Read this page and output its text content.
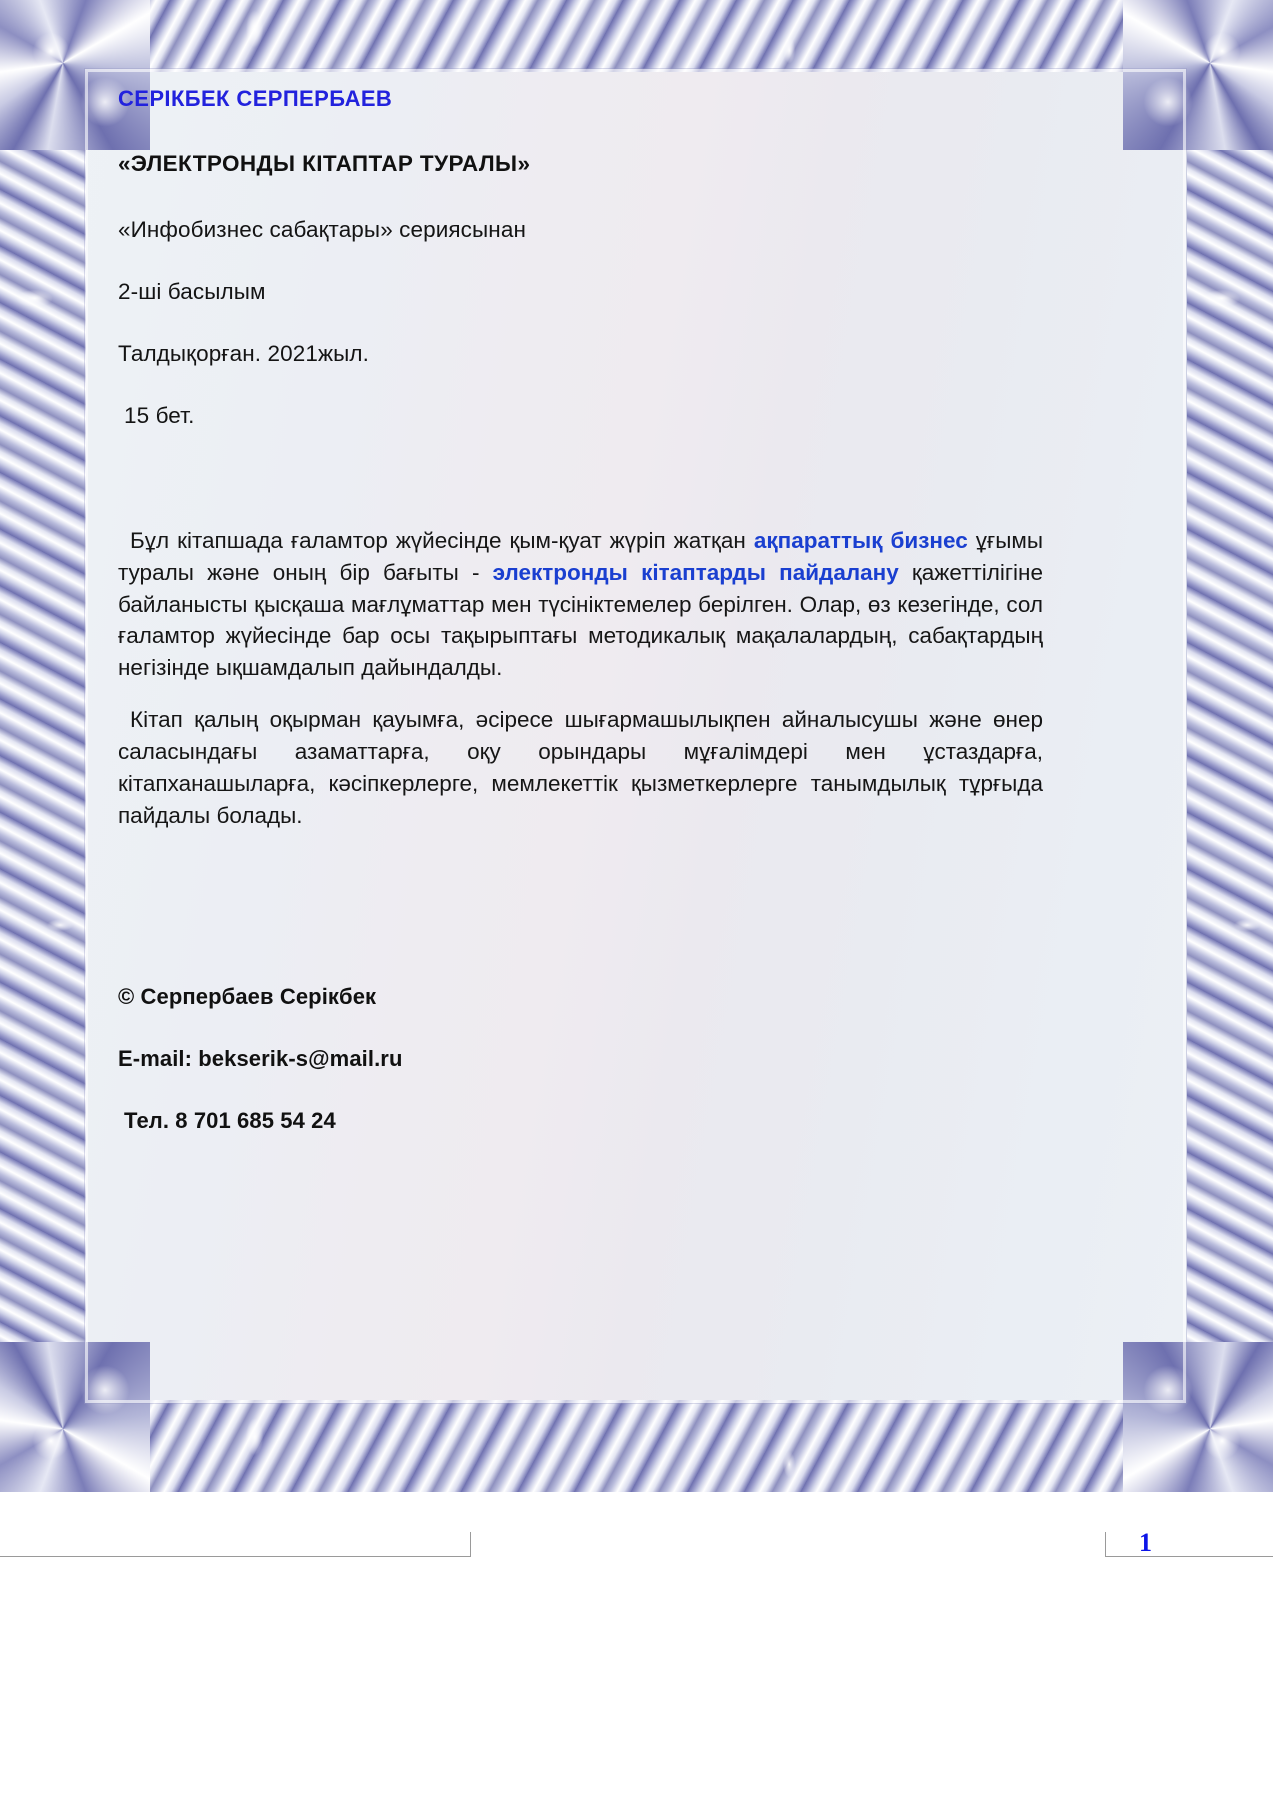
СЕРІКБЕК СЕРПЕРБАЕВ

«ЭЛЕКТРОНДЫ КІТАПТАР ТУРАЛЫ»

«Инфобизнес сабақтары» сериясынан

2-ші басылым

Талдықорған. 2021жыл.

15 бет.

Бұл кітапшада ғаламтор жүйесінде қым-қуат жүріп жатқан ақпараттық бизнес ұғымы туралы және оның бір бағыты - электронды кітаптарды пайдалану қажеттілігіне байланысты қысқаша мағлұматтар мен түсініктемелер берілген. Олар, өз кезегінде, сол ғаламтор жүйесінде бар осы тақырыптағы методикалық мақалалардың, сабақтардың негізінде ықшамдалып дайындалды.

Кітап қалың оқырман қауымға, әсіресе шығармашылықпен айналысушы және өнер саласындағы азаматтарға, оқу орындары мұғалімдері мен ұстаздарға, кітапханашыларға, кәсіпкерлерге, мемлекеттік қызметкерлерге танымдылық тұрғыда пайдалы болады.

© Серпербаев Серікбек

E-mail: bekserik-s@mail.ru

Тел. 8 701 685 54 24

1
